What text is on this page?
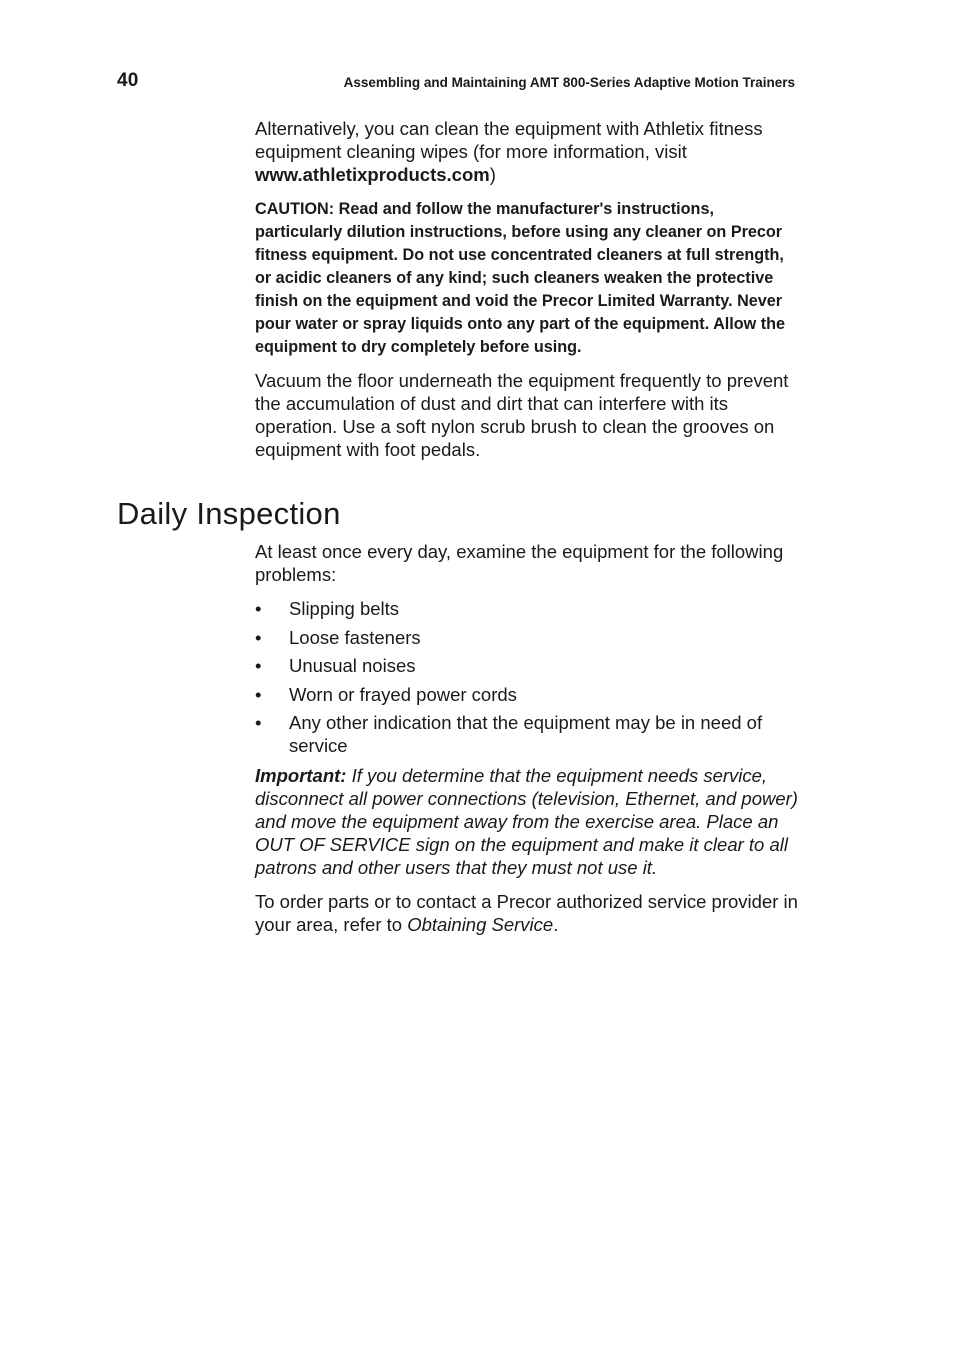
40	Assembling and Maintaining AMT 800-Series Adaptive Motion Trainers

Alternatively, you can clean the equipment with Athletix fitness equipment cleaning wipes (for more information, visit www.athletixproducts.com)

CAUTION: Read and follow the manufacturer's instructions, particularly dilution instructions, before using any cleaner on Precor fitness equipment. Do not use concentrated cleaners at full strength, or acidic cleaners of any kind; such cleaners weaken the protective finish on the equipment and void the Precor Limited Warranty. Never pour water or spray liquids onto any part of the equipment. Allow the equipment to dry completely before using.

Vacuum the floor underneath the equipment frequently to prevent the accumulation of dust and dirt that can interfere with its operation. Use a soft nylon scrub brush to clean the grooves on equipment with foot pedals.

Daily Inspection

At least once every day, examine the equipment for the following problems:

• Slipping belts
• Loose fasteners
• Unusual noises
• Worn or frayed power cords
• Any other indication that the equipment may be in need of service

Important: If you determine that the equipment needs service, disconnect all power connections (television, Ethernet, and power) and move the equipment away from the exercise area. Place an OUT OF SERVICE sign on the equipment and make it clear to all patrons and other users that they must not use it.

To order parts or to contact a Precor authorized service provider in your area, refer to Obtaining Service.
